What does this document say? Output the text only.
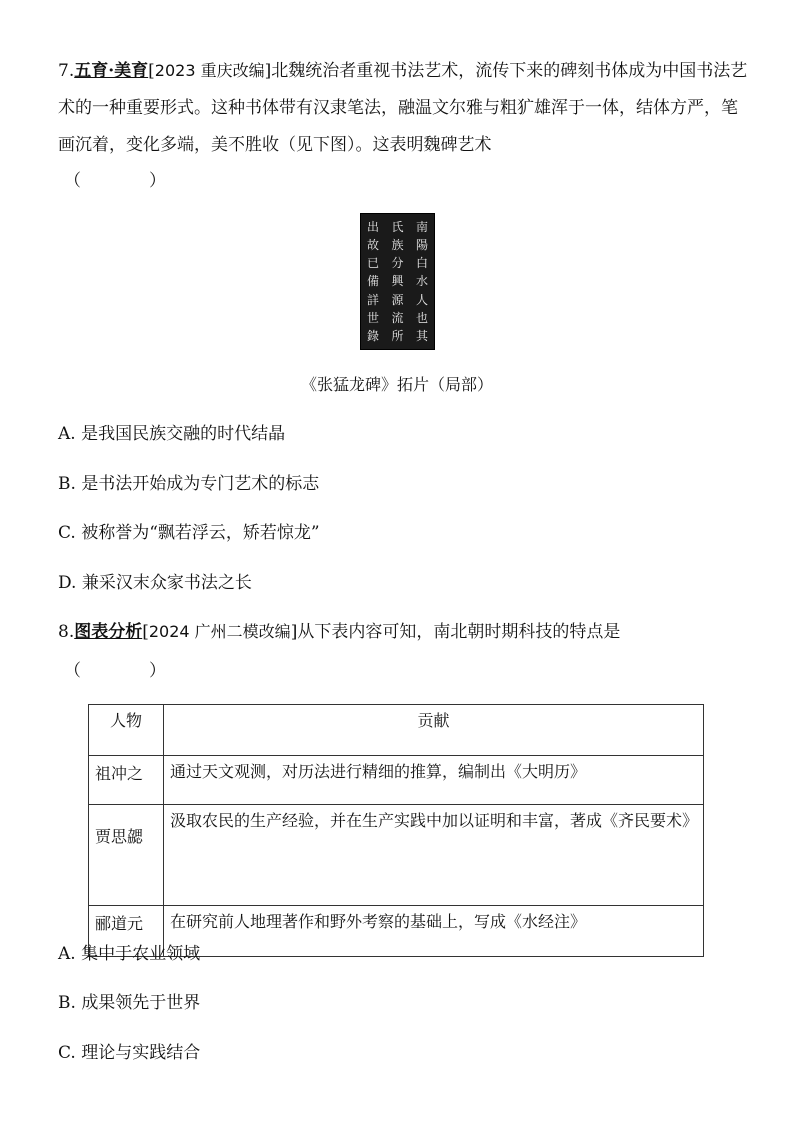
7.五育·美育[2023 重庆改编]北魏统治者重视书法艺术，流传下来的碑刻书体成为中国书法艺术的一种重要形式。这种书体带有汉隶笔法，融温文尔雅与粗犷雄浑于一体，结体方严，笔画沉着，变化多端，美不胜收（见下图）。这表明魏碑艺术
（　　　　）
南
陽
白
水
人
也
其
氏
族
分
興
源
流
所
出
故
已
備
詳
世
錄
《张猛龙碑》拓片（局部）
A. 是我国民族交融的时代结晶
B. 是书法开始成为专门艺术的标志
C. 被称誉为“飘若浮云，矫若惊龙”
D. 兼采汉末众家书法之长
8.图表分析[2024 广州二模改编]从下表内容可知，南北朝时期科技的特点是
（　　　　）
人物	贡献
祖冲之	通过天文观测，对历法进行精细的推算，编制出《大明历》
贾思勰	汲取农民的生产经验，并在生产实践中加以证明和丰富，著成《齐民要术》
郦道元	在研究前人地理著作和野外考察的基础上，写成《水经注》
A. 集中于农业领域
B. 成果领先于世界
C. 理论与实践结合
